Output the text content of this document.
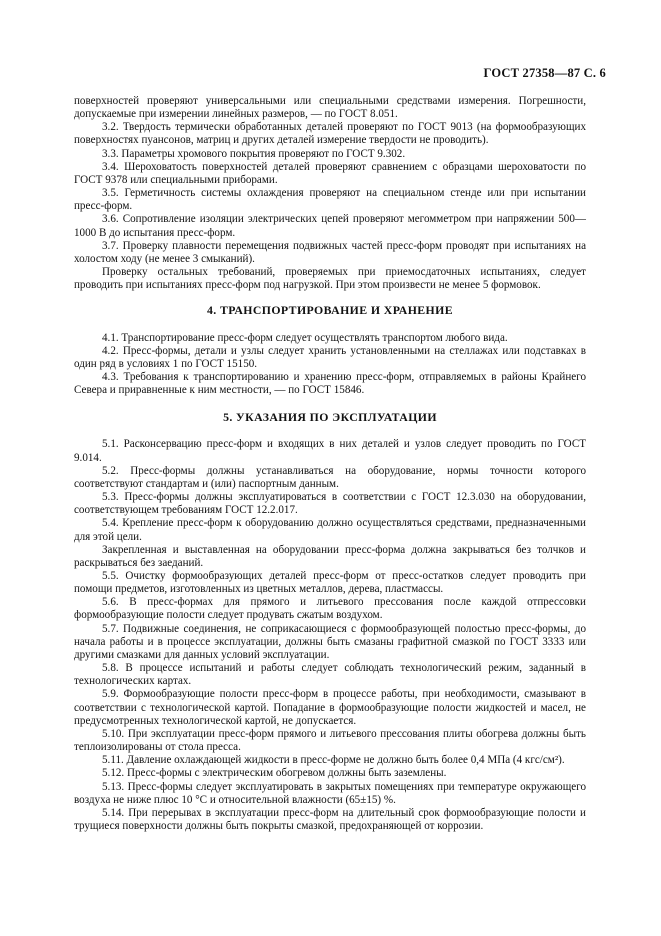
ГОСТ 27358—87 С. 6

поверхностей проверяют универсальными или специальными средствами измерения. Погрешности, допускаемые при измерении линейных размеров, — по ГОСТ 8.051.

3.2. Твердость термически обработанных деталей проверяют по ГОСТ 9013 (на формообразующих поверхностях пуансонов, матриц и других деталей измерение твердости не проводить).

3.3. Параметры хромового покрытия проверяют по ГОСТ 9.302.

3.4. Шероховатость поверхностей деталей проверяют сравнением с образцами шероховатости по ГОСТ 9378 или специальными приборами.

3.5. Герметичность системы охлаждения проверяют на специальном стенде или при испытании пресс-форм.

3.6. Сопротивление изоляции электрических цепей проверяют мегомметром при напряжении 500—1000 В до испытания пресс-форм.

3.7. Проверку плавности перемещения подвижных частей пресс-форм проводят при испытаниях на холостом ходу (не менее 3 смыканий).

Проверку остальных требований, проверяемых при приемосдаточных испытаниях, следует проводить при испытаниях пресс-форм под нагрузкой. При этом произвести не менее 5 формовок.

4. ТРАНСПОРТИРОВАНИЕ И ХРАНЕНИЕ

4.1. Транспортирование пресс-форм следует осуществлять транспортом любого вида.

4.2. Пресс-формы, детали и узлы следует хранить установленными на стеллажах или подставках в один ряд в условиях 1 по ГОСТ 15150.

4.3. Требования к транспортированию и хранению пресс-форм, отправляемых в районы Крайнего Севера и приравненные к ним местности, — по ГОСТ 15846.

5. УКАЗАНИЯ ПО ЭКСПЛУАТАЦИИ

5.1. Расконсервацию пресс-форм и входящих в них деталей и узлов следует проводить по ГОСТ 9.014.

5.2. Пресс-формы должны устанавливаться на оборудование, нормы точности которого соответствуют стандартам и (или) паспортным данным.

5.3. Пресс-формы должны эксплуатироваться в соответствии с ГОСТ 12.3.030 на оборудовании, соответствующем требованиям ГОСТ 12.2.017.

5.4. Крепление пресс-форм к оборудованию должно осуществляться средствами, предназначенными для этой цели.

Закрепленная и выставленная на оборудовании пресс-форма должна закрываться без толчков и раскрываться без заеданий.

5.5. Очистку формообразующих деталей пресс-форм от пресс-остатков следует проводить при помощи предметов, изготовленных из цветных металлов, дерева, пластмассы.

5.6. В пресс-формах для прямого и литьевого прессования после каждой отпрессовки формообразующие полости следует продувать сжатым воздухом.

5.7. Подвижные соединения, не соприкасающиеся с формообразующей полостью пресс-формы, до начала работы и в процессе эксплуатации, должны быть смазаны графитной смазкой по ГОСТ 3333 или другими смазками для данных условий эксплуатации.

5.8. В процессе испытаний и работы следует соблюдать технологический режим, заданный в технологических картах.

5.9. Формообразующие полости пресс-форм в процессе работы, при необходимости, смазывают в соответствии с технологической картой. Попадание в формообразующие полости жидкостей и масел, не предусмотренных технологической картой, не допускается.

5.10. При эксплуатации пресс-форм прямого и литьевого прессования плиты обогрева должны быть теплоизолированы от стола пресса.

5.11. Давление охлаждающей жидкости в пресс-форме не должно быть более 0,4 МПа (4 кгс/см²).

5.12. Пресс-формы с электрическим обогревом должны быть заземлены.

5.13. Пресс-формы следует эксплуатировать в закрытых помещениях при температуре окружающего воздуха не ниже плюс 10 °С и относительной влажности (65±15) %.

5.14. При перерывах в эксплуатации пресс-форм на длительный срок формообразующие полости и трущиеся поверхности должны быть покрыты смазкой, предохраняющей от коррозии.
